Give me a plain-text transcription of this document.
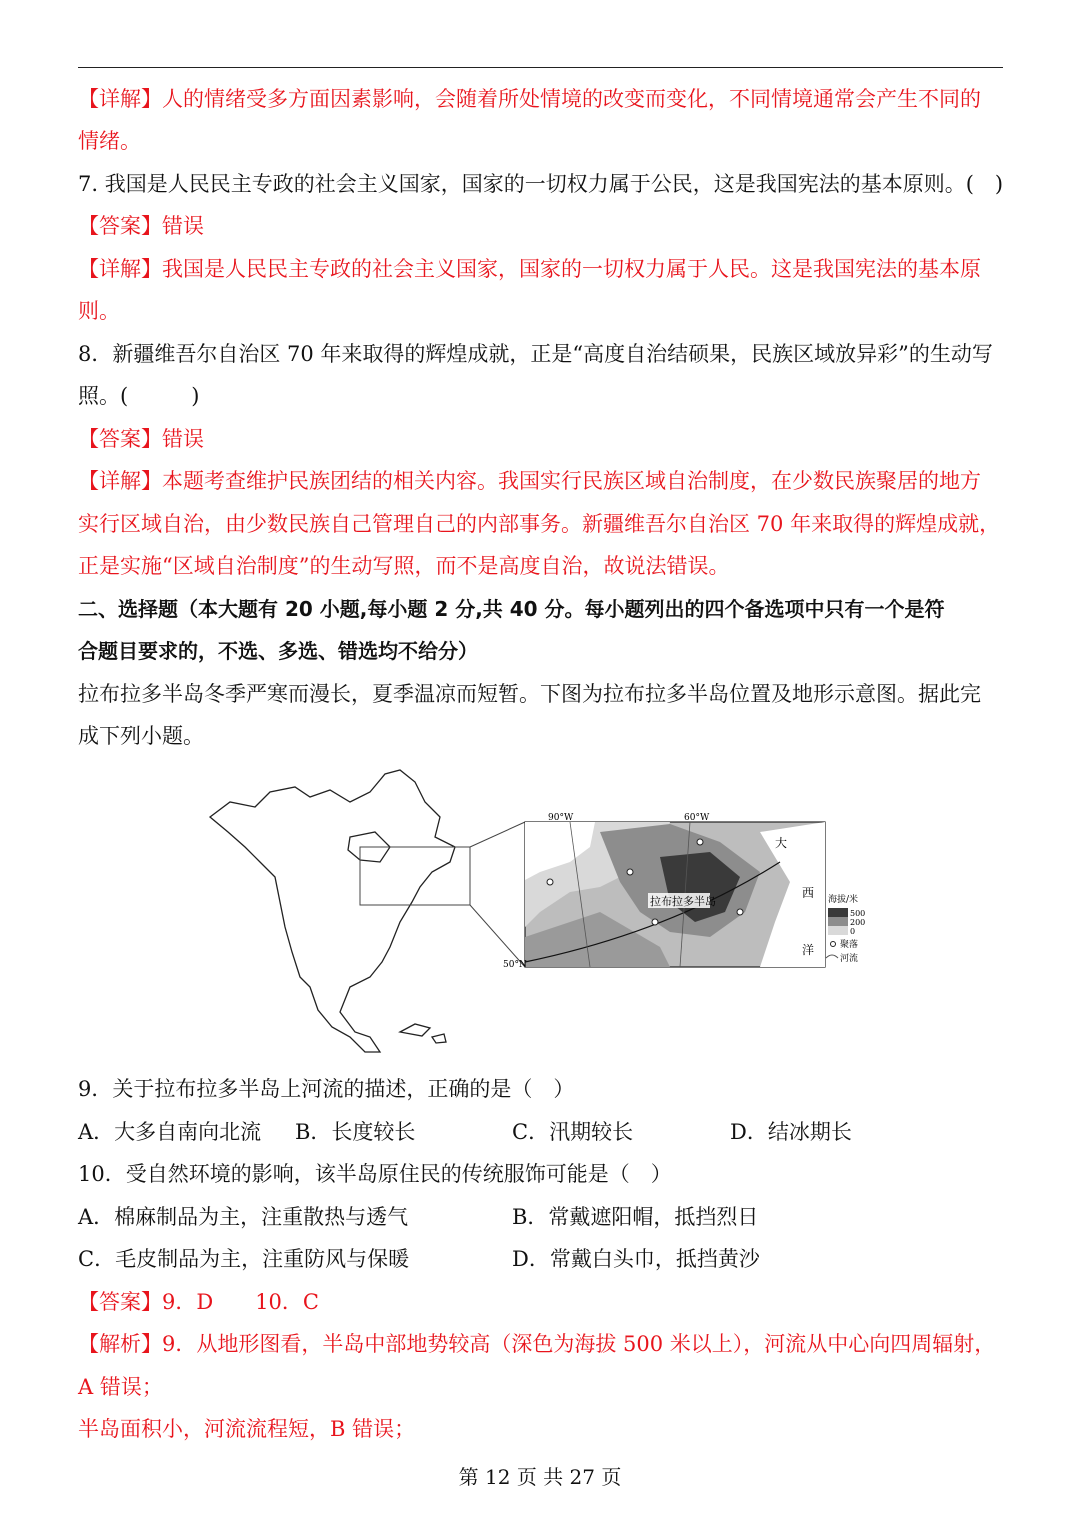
【详解】人的情绪受多方面因素影响，会随着所处情境的改变而变化，不同情境通常会产生不同的
情绪。
7. 我国是人民民主专政的社会主义国家，国家的一切权力属于公民，这是我国宪法的基本原则。(　)
【答案】错误
【详解】我国是人民民主专政的社会主义国家，国家的一切权力属于人民。这是我国宪法的基本原
则。
8．新疆维吾尔自治区 70 年来取得的辉煌成就，正是“高度自治结硕果，民族区域放异彩”的生动写
照。(　　　)
【答案】错误
【详解】本题考查维护民族团结的相关内容。我国实行民族区域自治制度，在少数民族聚居的地方
实行区域自治，由少数民族自己管理自己的内部事务。新疆维吾尔自治区 70 年来取得的辉煌成就，
正是实施“区域自治制度”的生动写照，而不是高度自治，故说法错误。
二、选择题（本大题有 20 小题,每小题 2 分,共 40 分。每小题列出的四个备选项中只有一个是符
合题目要求的，不选、多选、错选均不给分）
拉布拉多半岛冬季严寒而漫长，夏季温凉而短暂。下图为拉布拉多半岛位置及地形示意图。据此完
成下列小题。
90°W	60°W
50°N
拉布拉多半岛
大
西
洋
海拔/米
500
200
0
聚落
河流
9．关于拉布拉多半岛上河流的描述，正确的是（　）
A．大多自南向北流 B．长度较长	C．汛期较长	D．结冰期长
10．受自然环境的影响，该半岛原住民的传统服饰可能是（　）
A．棉麻制品为主，注重散热与透气	B．常戴遮阳帽，抵挡烈日
C．毛皮制品为主，注重防风与保暖	D．常戴白头巾，抵挡黄沙
【答案】9．D　　10．C
【解析】9．从地形图看，半岛中部地势较高（深色为海拔 500 米以上），河流从中心向四周辐射，
A 错误；
半岛面积小，河流流程短，B 错误；
第 12 页 共 27 页
